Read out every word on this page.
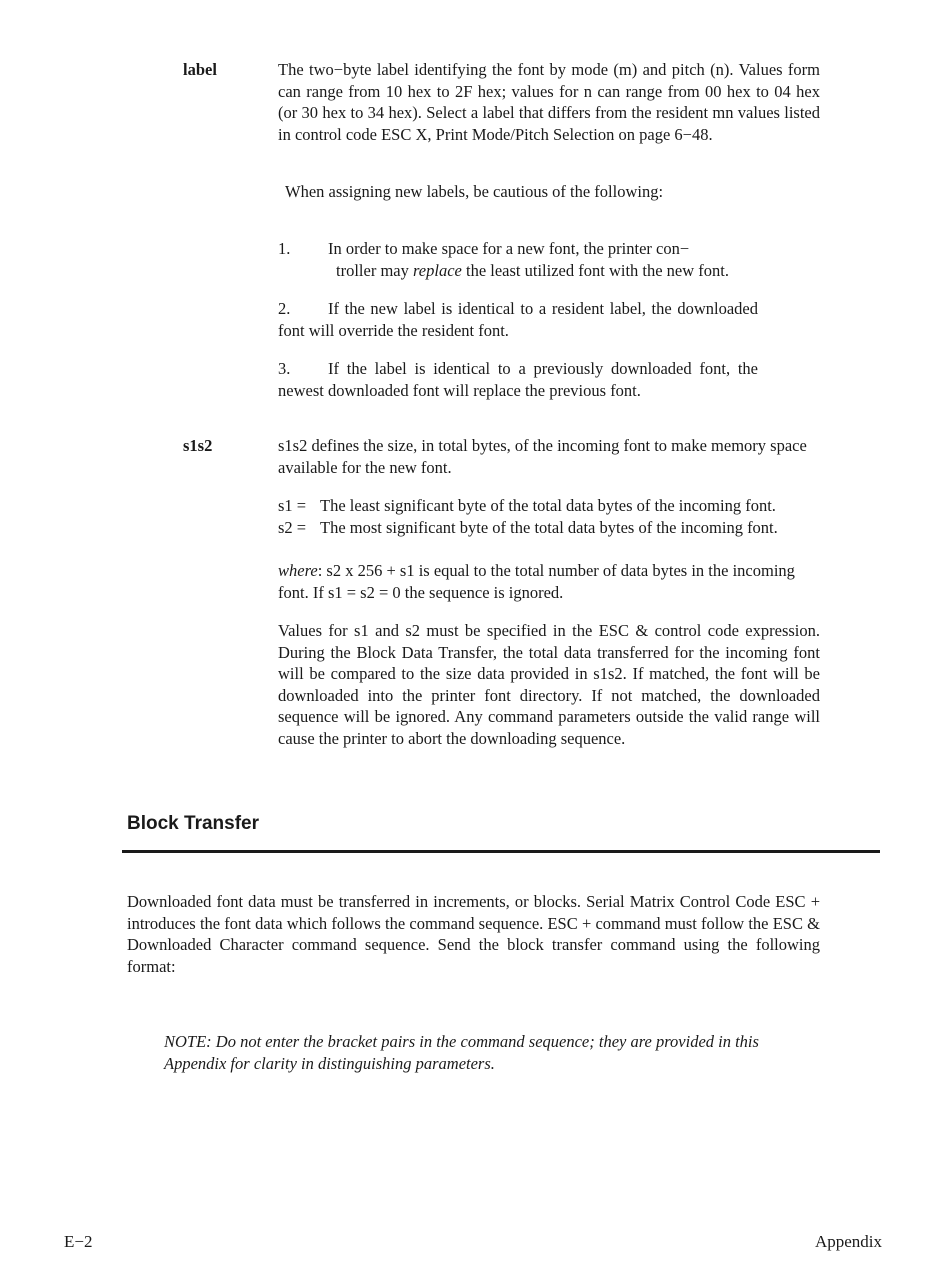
label	The two−byte label identifying the font by mode (m) and pitch (n). Values form can range from 10 hex to 2F hex; values for n can range from 00 hex to 04 hex (or 30 hex to 34 hex). Select a label that differs from the resident mn values listed in control code ESC X, Print Mode/Pitch Selection on page 6−48.
When assigning new labels, be cautious of the following:
1. In order to make space for a new font, the printer con−
troller may replace the least utilized font with the new font.
2. If the new label is identical to a resident label, the downloaded font will override the resident font.
3. If the label is identical to a previously downloaded font, the newest downloaded font will replace the previous font.
s1s2	s1s2 defines the size, in total bytes, of the incoming font to make memory space available for the new font.
s1 = The least significant byte of the total data bytes of the incoming font.
s2 = The most significant byte of the total data bytes of the incoming font.
where: s2 x 256 + s1 is equal to the total number of data bytes in the incoming font. If s1 = s2 = 0 the sequence is ignored.
Values for s1 and s2 must be specified in the ESC & control code expression. During the Block Data Transfer, the total data transferred for the incoming font will be compared to the size data provided in s1s2. If matched, the font will be downloaded into the printer font directory. If not matched, the downloaded sequence will be ignored. Any command parameters outside the valid range will cause the printer to abort the downloading sequence.
Block Transfer
Downloaded font data must be transferred in increments, or blocks. Serial Matrix Control Code ESC + introduces the font data which follows the command sequence. ESC + command must follow the ESC & Downloaded Character command sequence. Send the block transfer command using the following format:
NOTE: Do not enter the bracket pairs in the command sequence; they are provided in this Appendix for clarity in distinguishing parameters.
E−2	Appendix
